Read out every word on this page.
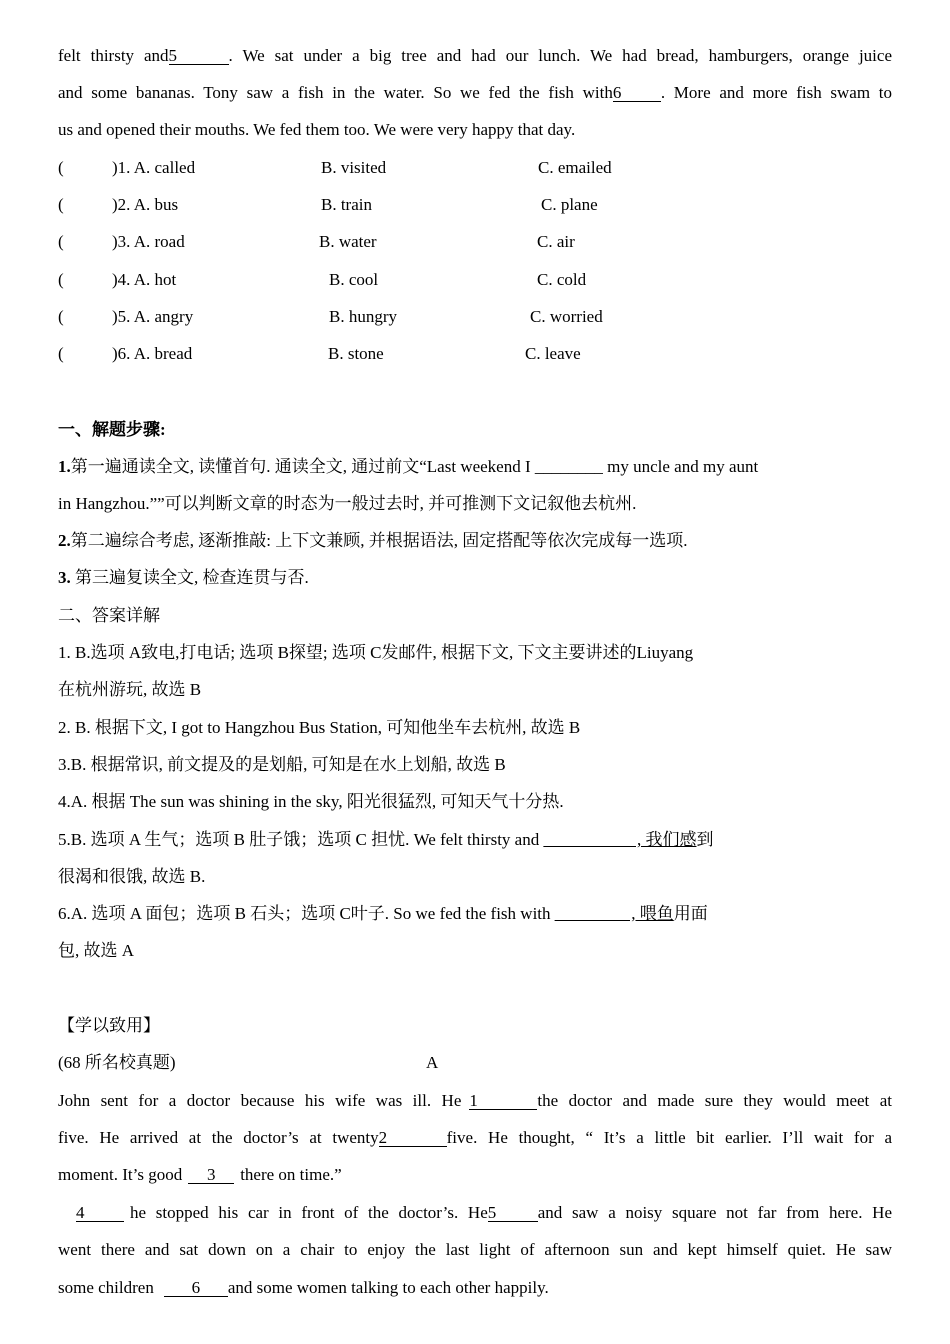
felt thirsty and5	. We sat under a big tree and had our lunch. We had bread, hamburgers, orange juice
and some bananas. Tony saw a fish in the water. So we fed the fish with6 . More and more fish swam to
us and opened their mouths. We fed them too. We were very happy that day.
(	)1. A. called	B. visited	C. emailed
(	)2. A. bus	B. train	C. plane
(	)3. A. road	B. water	C. air
(	)4. A. hot	B. cool	C. cold
(	)5. A. angry	B. hungry	C. worried
(	)6. A. bread	B. stone	C. leave
一、解题步骤:
1.第一遍通读全文, 读懂首句. 通读全文, 通过前文“Last weekend I ________ my uncle and my aunt
in Hangzhou.””可以判断文章的时态为一般过去时, 并可推测下文记叙他去杭州.
2.第二遍综合考虑, 逐渐推敲: 上下文兼顾, 并根据语法, 固定搭配等依次完成每一选项.
3. 第三遍复读全文, 检查连贯与否.
二、答案详解
1. B.选项 A致电,打电话; 选项 B探望; 选项 C发邮件, 根据下文, 下文主要讲述的Liuyang
在杭州游玩, 故选 B
2. B. 根据下文, I got to Hangzhou Bus Station, 可知他坐车去杭州, 故选 B
3.B. 根据常识, 前文提及的是划船, 可知是在水上划船, 故选 B
4.A. 根据 The sun was shining in the sky, 阳光很猛烈, 可知天气十分热.
5.B. 选项 A 生气；选项 B 肚子饿；选项 C 担忧. We felt thirsty and ______ ____ , 我们感到
很渴和很饿, 故选 B.
6.A. 选项 A 面包；选项 B 石头；选项 C叶子. So we fed the fish with ___ _____ , 喂鱼用面
包, 故选 A
【学以致用】
(68 所名校真题)	A
John sent for a doctor because his wife was ill. He 1	the doctor and made sure they would meet at
five. He arrived at the doctor’s at twenty2	five. He thought, “ It’s a little bit earlier. I’ll wait for a
moment. It’s good 3 there on time.”
4	he stopped his car in front of the doctor’s. He5 and saw a noisy square not far from here. He
went there and sat down on a chair to enjoy the last light of afternoon sun and kept himself quiet. He saw
some children 6 and some women talking to each other happily.
